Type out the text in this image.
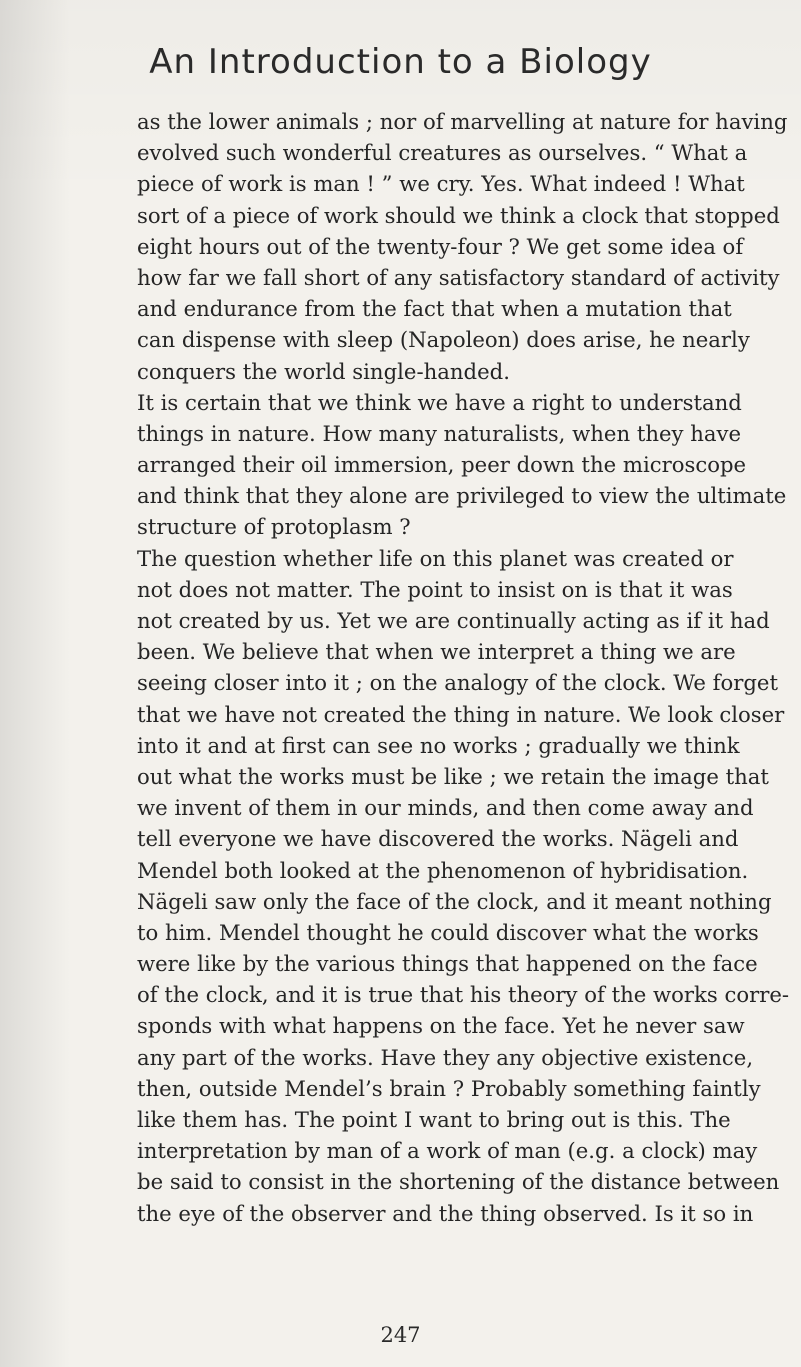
An Introduction to a Biology
as the lower animals ; nor of marvelling at nature for having
evolved such wonderful creatures as ourselves. “ What a
piece of work is man ! ” we cry. Yes. What indeed ! What
sort of a piece of work should we think a clock that stopped
eight hours out of the twenty-four ? We get some idea of
how far we fall short of any satisfactory standard of activity
and endurance from the fact that when a mutation that
can dispense with sleep (Napoleon) does arise, he nearly
conquers the world single-handed.
It is certain that we think we have a right to understand
things in nature. How many naturalists, when they have
arranged their oil immersion, peer down the microscope
and think that they alone are privileged to view the ultimate
structure of protoplasm ?
The question whether life on this planet was created or
not does not matter. The point to insist on is that it was
not created by us. Yet we are continually acting as if it had
been. We believe that when we interpret a thing we are
seeing closer into it ; on the analogy of the clock. We forget
that we have not created the thing in nature. We look closer
into it and at first can see no works ; gradually we think
out what the works must be like ; we retain the image that
we invent of them in our minds, and then come away and
tell everyone we have discovered the works. Nägeli and
Mendel both looked at the phenomenon of hybridisation.
Nägeli saw only the face of the clock, and it meant nothing
to him. Mendel thought he could discover what the works
were like by the various things that happened on the face
of the clock, and it is true that his theory of the works corre-
sponds with what happens on the face. Yet he never saw
any part of the works. Have they any objective existence,
then, outside Mendel’s brain ? Probably something faintly
like them has. The point I want to bring out is this. The
interpretation by man of a work of man (e.g. a clock) may
be said to consist in the shortening of the distance between
the eye of the observer and the thing observed. Is it so in
247
